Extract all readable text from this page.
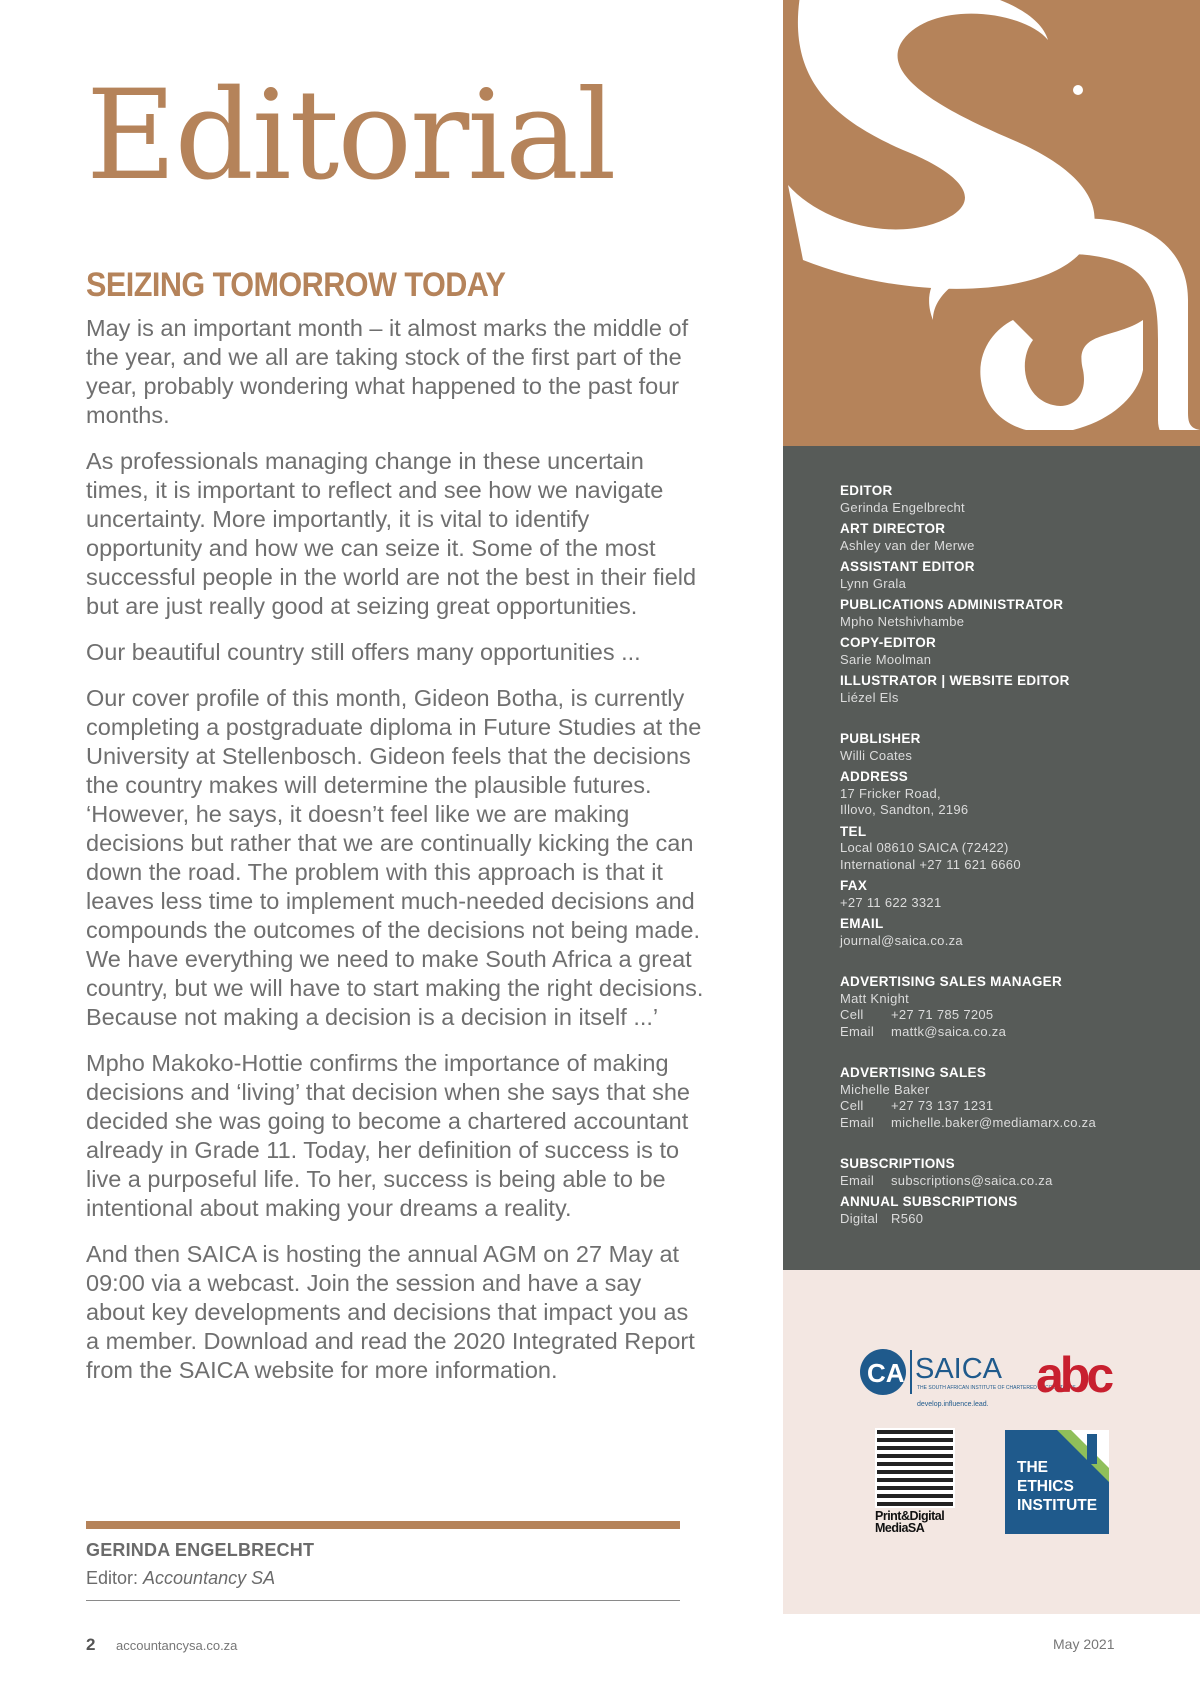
Editorial
SEIZING TOMORROW TODAY

May is an important month – it almost marks the middle of the year, and we all are taking stock of the first part of the year, probably wondering what happened to the past four months.

As professionals managing change in these uncertain times, it is important to reflect and see how we navigate uncertainty. More importantly, it is vital to identify opportunity and how we can seize it. Some of the most successful people in the world are not the best in their field but are just really good at seizing great opportunities.

Our beautiful country still offers many opportunities ...

Our cover profile of this month, Gideon Botha, is currently completing a postgraduate diploma in Future Studies at the University at Stellenbosch. Gideon feels that the decisions the country makes will determine the plausible futures. ‘However, he says, it doesn’t feel like we are making decisions but rather that we are continually kicking the can down the road. The problem with this approach is that it leaves less time to implement much-needed decisions and compounds the outcomes of the decisions not being made. We have everything we need to make South Africa a great country, but we will have to start making the right decisions. Because not making a decision is a decision in itself ...’

Mpho Makoko-Hottie confirms the importance of making decisions and ‘living’ that decision when she says that she decided she was going to become a chartered accountant already in Grade 11. Today, her definition of success is to live a purposeful life. To her, success is being able to be intentional about making your dreams a reality.

And then SAICA is hosting the annual AGM on 27 May at 09:00 via a webcast. Join the session and have a say about key developments and decisions that impact you as a member. Download and read the 2020 Integrated Report from the SAICA website for more information.

GERINDA ENGELBRECHT
Editor: Accountancy SA
2 accountancysa.co.za	May 2021
EDITOR
Gerinda Engelbrecht
ART DIRECTOR
Ashley van der Merwe
ASSISTANT EDITOR
Lynn Grala
PUBLICATIONS ADMINISTRATOR
Mpho Netshivhambe
COPY-EDITOR
Sarie Moolman
ILLUSTRATOR | WEBSITE EDITOR
Liézel Els
PUBLISHER
Willi Coates
ADDRESS
17 Fricker Road,
Illovo, Sandton, 2196
TEL
Local 08610 SAICA (72422)
International +27 11 621 6660
FAX
+27 11 622 3321
EMAIL
journal@saica.co.za
ADVERTISING SALES MANAGER
Matt Knight
Cell +27 71 785 7205
Email mattk@saica.co.za
ADVERTISING SALES
Michelle Baker
Cell +27 73 137 1231
Email michelle.baker@mediamarx.co.za
SUBSCRIPTIONS
Email subscriptions@saica.co.za
ANNUAL SUBSCRIPTIONS
Digital R560
CA SAICA
THE SOUTH AFRICAN INSTITUTE OF CHARTERED ACCOUNTANTS
develop.influence.lead.
abc
Print&Digital
MediaSA
THE
ETHICS
INSTITUTE
